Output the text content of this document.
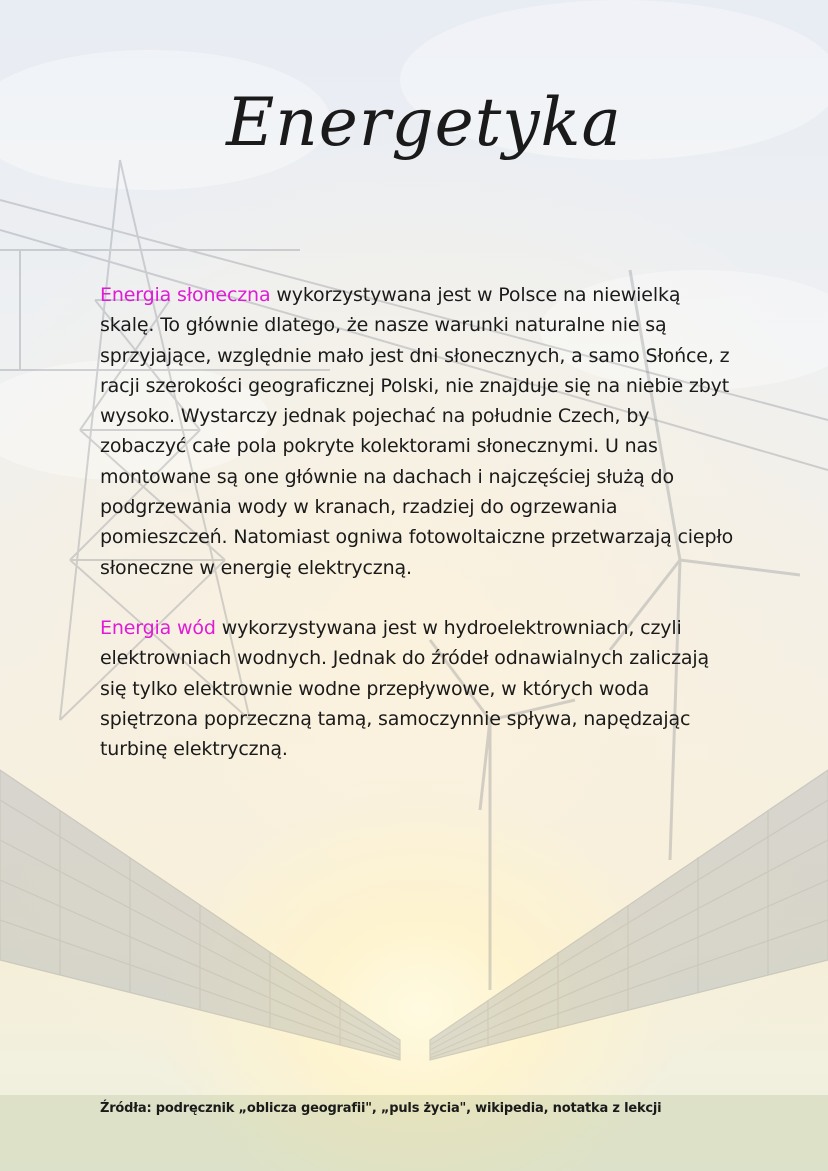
Energetyka

Energia słoneczna wykorzystywana jest w Polsce na niewielką skalę. To głównie dlatego, że nasze warunki naturalne nie są sprzyjające, względnie mało jest dni słonecznych, a samo Słońce, z racji szerokości geograficznej Polski, nie znajduje się na niebie zbyt wysoko. Wystarczy jednak pojechać na południe Czech, by zobaczyć całe pola pokryte kolektorami słonecznymi. U nas montowane są one głównie na dachach i najczęściej służą do podgrzewania wody w kranach, rzadziej do ogrzewania pomieszczeń. Natomiast ogniwa fotowoltaiczne przetwarzają ciepło słoneczne w energię elektryczną.

Energia wód wykorzystywana jest w hydroelektrowniach, czyli elektrowniach wodnych. Jednak do źródeł odnawialnych zaliczają się tylko elektrownie wodne przepływowe, w których woda spiętrzona poprzeczną tamą, samoczynnie spływa, napędzając turbinę elektryczną.

Źródła: podręcznik „oblicza geografii", „puls życia", wikipedia, notatka z lekcji
